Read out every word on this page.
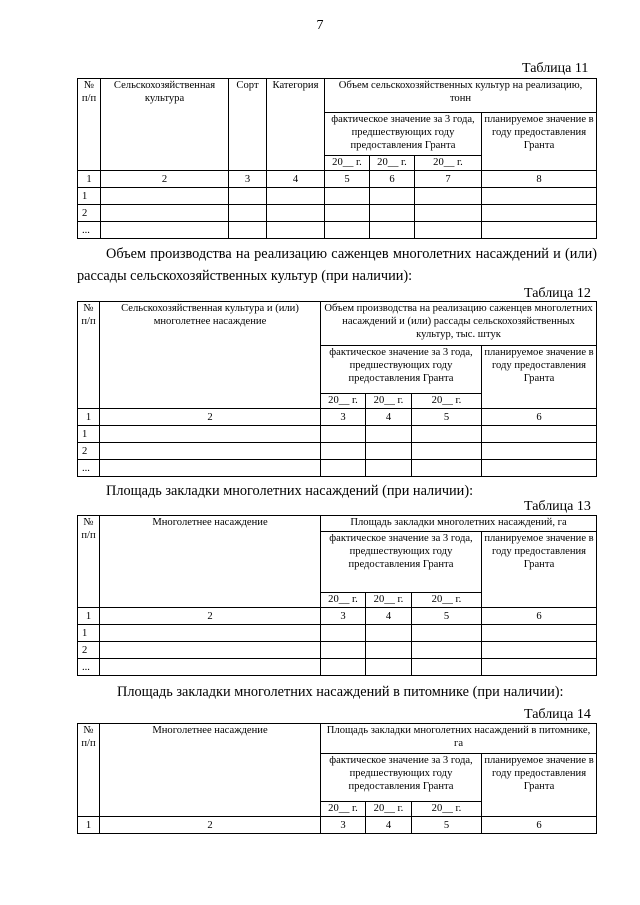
7
Таблица 11
№ п/п	Сельскохозяйственная культура	Сорт	Категория	Объем сельскохозяйственных культур на реализацию, тонн			
				фактическое значение за 3 года, предшествующих году предоставления Гранта			планируемое значение в году предоставления Гранта
				20__ г.	20__ г.	20__ г.	
1	2	3	4	5	6	7	8
1							
2							
...							
Объем производства на реализацию саженцев многолетних насаждений и (или) рассады сельскохозяйственных культур (при наличии):
Таблица 12
№ п/п	Сельскохозяйственная культура и (или) многолетнее насаждение	Объем производства на реализацию саженцев многолетних насаждений и (или) рассады сельскохозяйственных культур, тыс. штук			
		фактическое значение за 3 года, предшествующих году предоставления Гранта			планируемое значение в году предоставления Гранта
		20__ г.	20__ г.	20__ г.	
1	2	3	4	5	6
1					
2					
...					
Площадь закладки многолетних насаждений (при наличии):
Таблица 13
№ п/п	Многолетнее насаждение	Площадь закладки многолетних насаждений, га			
		фактическое значение за 3 года, предшествующих году предоставления Гранта			планируемое значение в году предоставления Гранта
		20__ г.	20__ г.	20__ г.	
1	2	3	4	5	6
1					
2					
...					
Площадь закладки многолетних насаждений в питомнике (при наличии):
Таблица 14
№ п/п	Многолетнее насаждение	Площадь закладки многолетних насаждений в питомнике, га			
		фактическое значение за 3 года, предшествующих году предоставления Гранта			планируемое значение в году предоставления Гранта
		20__ г.	20__ г.	20__ г.	
1	2	3	4	5	6
